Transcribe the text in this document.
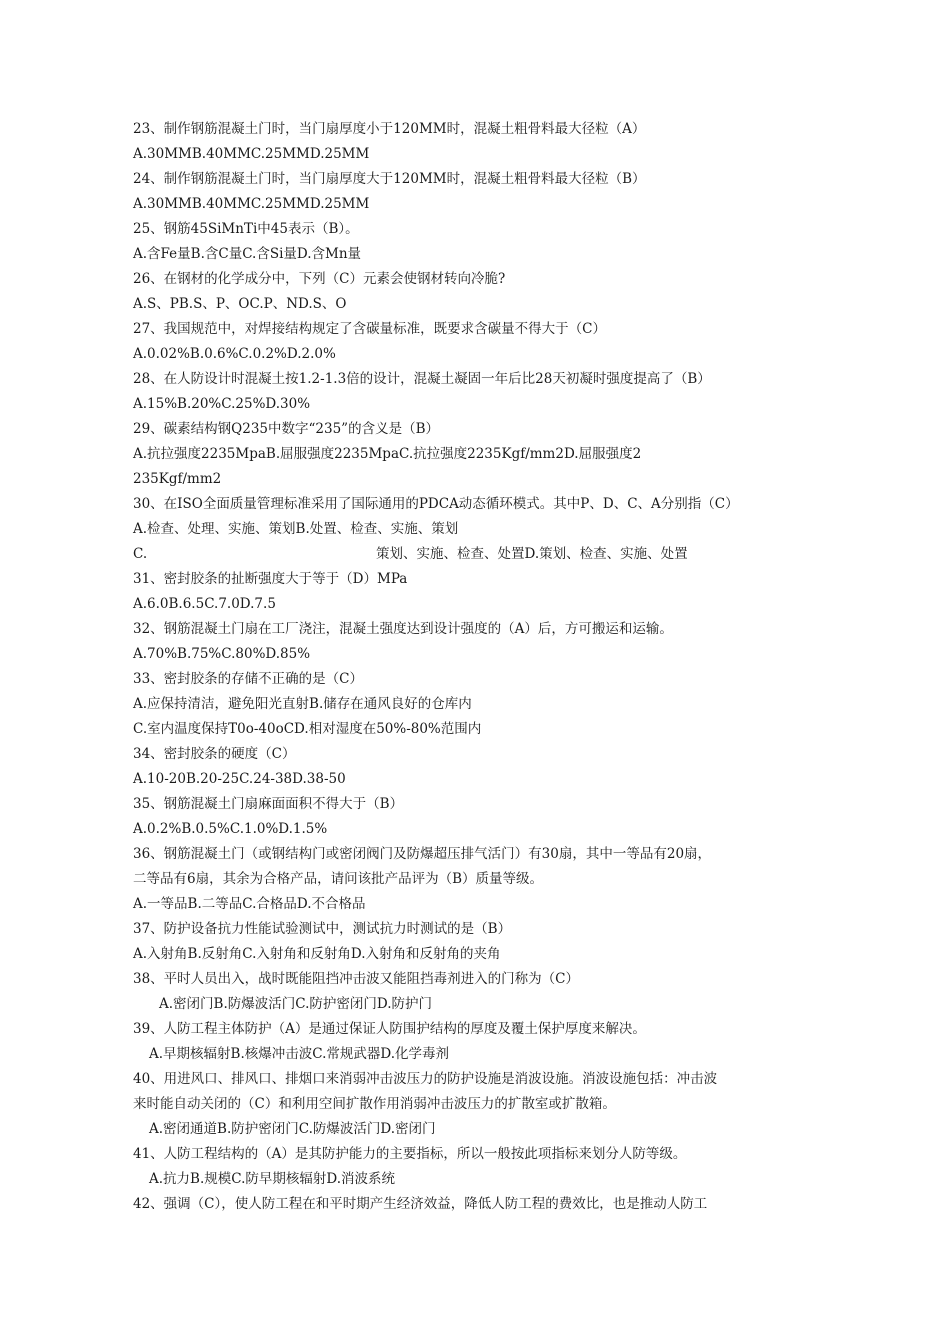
23、制作钢筋混凝土门时，当门扇厚度小于120MM时，混凝土粗骨料最大径粒（A）
A.30MMB.40MMC.25MMD.25MM
24、制作钢筋混凝土门时，当门扇厚度大于120MM时，混凝土粗骨料最大径粒（B）
A.30MMB.40MMC.25MMD.25MM
25、钢筋45SiMnTi中45表示（B）。
A.含Fe量B.含C量C.含Si量D.含Mn量
26、在钢材的化学成分中，下列（C）元素会使钢材转向冷脆?
A.S、PB.S、P、OC.P、ND.S、O
27、我国规范中，对焊接结构规定了含碳量标准，既要求含碳量不得大于（C）
A.0.02%B.0.6%C.0.2%D.2.0%
28、在人防设计时混凝土按1.2-1.3倍的设计，混凝土凝固一年后比28天初凝时强度提高了（B）
A.15%B.20%C.25%D.30%
29、碳素结构钢Q235中数字“235”的含义是（B）
A.抗拉强度2235MpaB.屈服强度2235MpaC.抗拉强度2235Kgf/mm2D.屈服强度2
235Kgf/mm2
30、在ISO全面质量管理标准采用了国际通用的PDCA动态循环模式。其中P、D、C、A分别指（C）
A.检查、处理、实施、策划B.处置、检查、实施、策划
C.	策划、实施、检查、处置D.策划、检查、实施、处置
31、密封胶条的扯断强度大于等于（D）MPa
A.6.0B.6.5C.7.0D.7.5
32、钢筋混凝土门扇在工厂浇注，混凝土强度达到设计强度的（A）后，方可搬运和运输。
A.70%B.75%C.80%D.85%
33、密封胶条的存储不正确的是（C）
A.应保持清洁，避免阳光直射B.储存在通风良好的仓库内
C.室内温度保持T0o-40oCD.相对湿度在50%-80%范围内
34、密封胶条的硬度（C）
A.10-20B.20-25C.24-38D.38-50
35、钢筋混凝土门扇麻面面积不得大于（B）
A.0.2%B.0.5%C.1.0%D.1.5%
36、钢筋混凝土门（或钢结构门或密闭阀门及防爆超压排气活门）有30扇，其中一等品有20扇，
二等品有6扇，其余为合格产品，请问该批产品评为（B）质量等级。
A.一等品B.二等品C.合格品D.不合格品
37、防护设备抗力性能试验测试中，测试抗力时测试的是（B）
A.入射角B.反射角C.入射角和反射角D.入射角和反射角的夹角
38、平时人员出入，战时既能阻挡冲击波又能阻挡毒剂进入的门称为（C）
A.密闭门B.防爆波活门C.防护密闭门D.防护门
39、人防工程主体防护（A）是通过保证人防围护结构的厚度及覆土保护厚度来解决。
A.早期核辐射B.核爆冲击波C.常规武器D.化学毒剂
40、用进风口、排风口、排烟口来消弱冲击波压力的防护设施是消波设施。消波设施包括：冲击波
来时能自动关闭的（C）和利用空间扩散作用消弱冲击波压力的扩散室或扩散箱。
A.密闭通道B.防护密闭门C.防爆波活门D.密闭门
41、人防工程结构的（A）是其防护能力的主要指标，所以一般按此项指标来划分人防等级。
A.抗力B.规模C.防早期核辐射D.消波系统
42、强调（C），使人防工程在和平时期产生经济效益，降低人防工程的费效比，也是推动人防工
